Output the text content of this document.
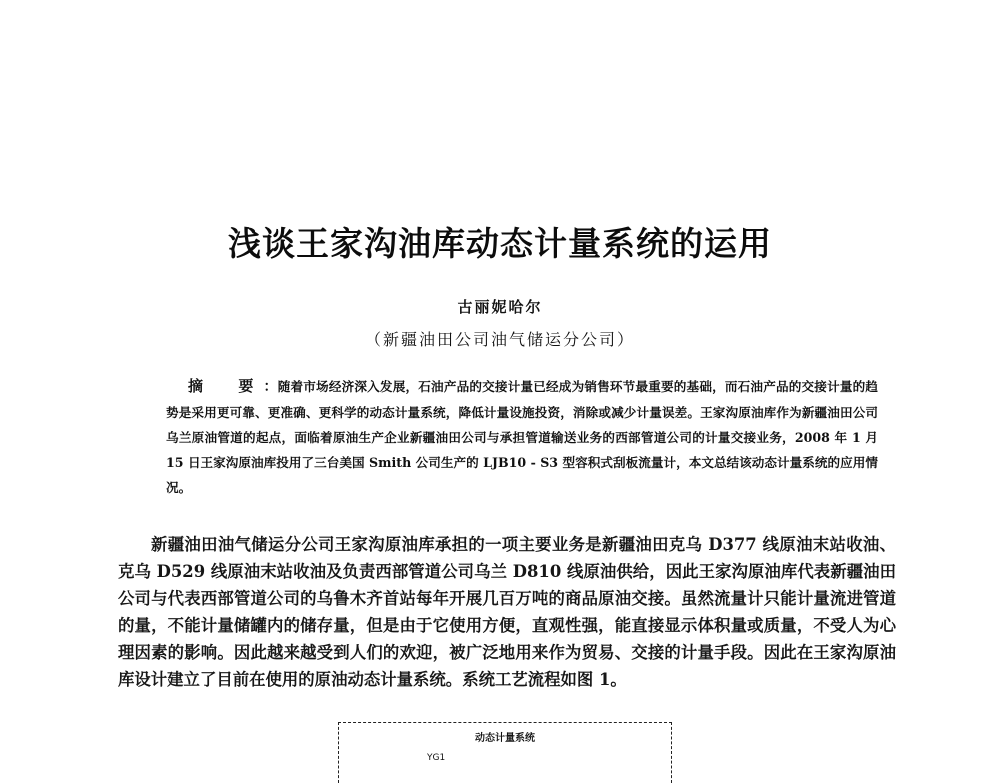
浅谈王家沟油库动态计量系统的运用
古丽妮哈尔
（新疆油田公司油气储运分公司）
摘　要：随着市场经济深入发展，石油产品的交接计量已经成为销售环节最重要的基础，而石油产品的交接计量的趋势是采用更可靠、更准确、更科学的动态计量系统，降低计量设施投资，消除或减少计量误差。王家沟原油库作为新疆油田公司乌兰原油管道的起点，面临着原油生产企业新疆油田公司与承担管道输送业务的西部管道公司的计量交接业务，2008 年 1 月 15 日王家沟原油库投用了三台美国 Smith 公司生产的 LJB10 - S3 型容积式刮板流量计，本文总结该动态计量系统的应用情况。
新疆油田油气储运分公司王家沟原油库承担的一项主要业务是新疆油田克乌 D377 线原油末站收油、克乌 D529 线原油末站收油及负责西部管道公司乌兰 D810 线原油供给，因此王家沟原油库代表新疆油田公司与代表西部管道公司的乌鲁木齐首站每年开展几百万吨的商品原油交接。虽然流量计只能计量流进管道的量，不能计量储罐内的储存量，但是由于它使用方便，直观性强，能直接显示体积量或质量，不受人为心理因素的影响。因此越来越受到人们的欢迎，被广泛地用来作为贸易、交接的计量手段。因此在王家沟原油库设计建立了目前在使用的原油动态计量系统。系统工艺流程如图 1。
动态计量系统
YG1
